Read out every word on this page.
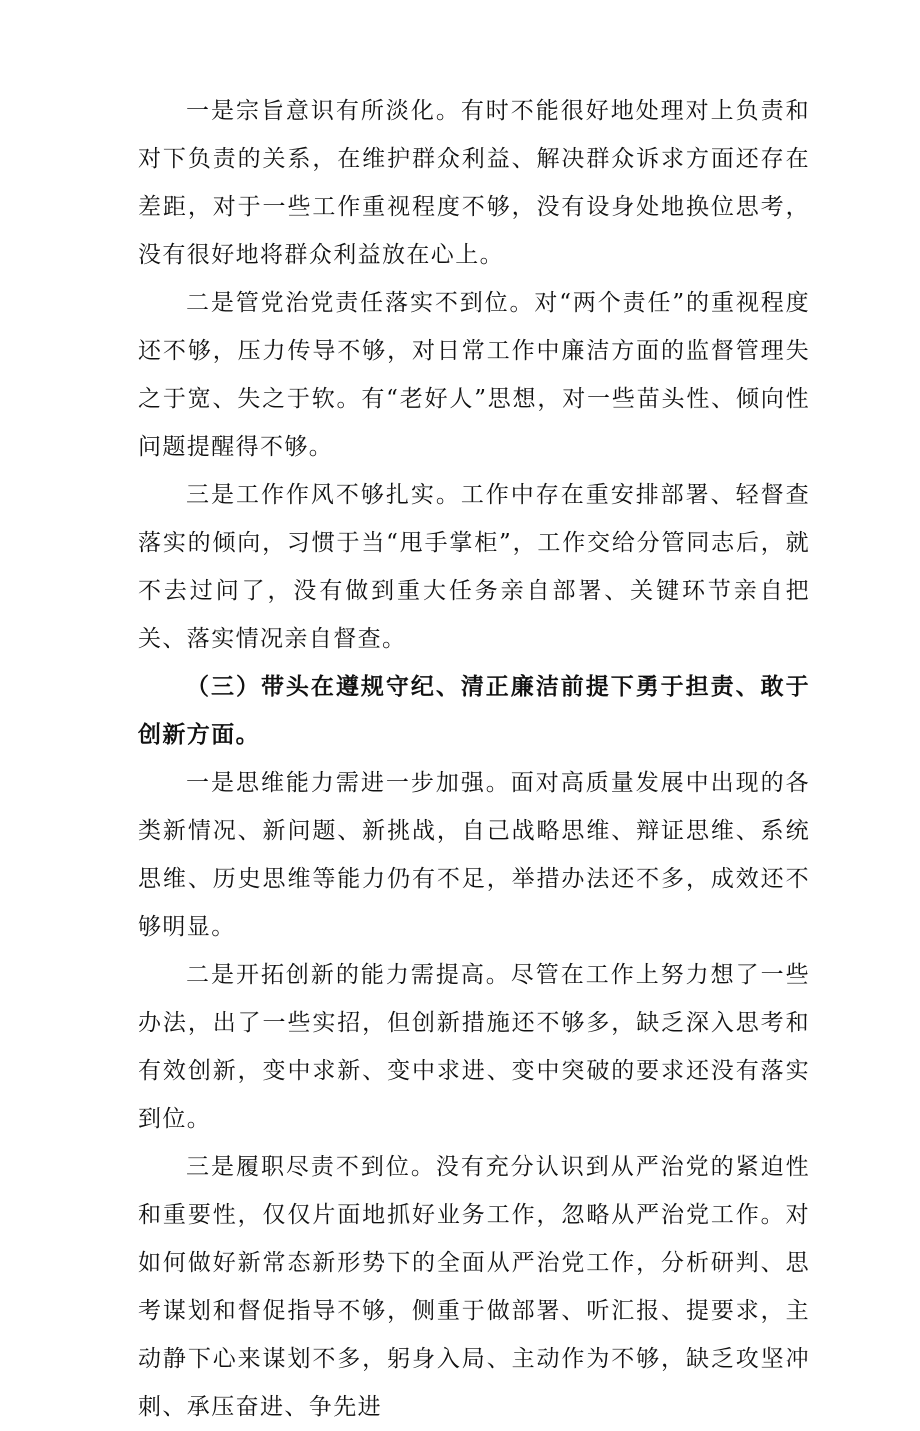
一是宗旨意识有所淡化。有时不能很好地处理对上负责和对下负责的关系，在维护群众利益、解决群众诉求方面还存在差距，对于一些工作重视程度不够，没有设身处地换位思考，没有很好地将群众利益放在心上。

二是管党治党责任落实不到位。对“两个责任”的重视程度还不够，压力传导不够，对日常工作中廉洁方面的监督管理失之于宽、失之于软。有“老好人”思想，对一些苗头性、倾向性问题提醒得不够。

三是工作作风不够扎实。工作中存在重安排部署、轻督查落实的倾向，习惯于当“甩手掌柜”，工作交给分管同志后，就不去过问了，没有做到重大任务亲自部署、关键环节亲自把关、落实情况亲自督查。

（三）带头在遵规守纪、清正廉洁前提下勇于担责、敢于创新方面。

一是思维能力需进一步加强。面对高质量发展中出现的各类新情况、新问题、新挑战，自己战略思维、辩证思维、系统思维、历史思维等能力仍有不足，举措办法还不多，成效还不够明显。

二是开拓创新的能力需提高。尽管在工作上努力想了一些办法，出了一些实招，但创新措施还不够多，缺乏深入思考和有效创新，变中求新、变中求进、变中突破的要求还没有落实到位。

三是履职尽责不到位。没有充分认识到从严治党的紧迫性和重要性，仅仅片面地抓好业务工作，忽略从严治党工作。对如何做好新常态新形势下的全面从严治党工作，分析研判、思考谋划和督促指导不够，侧重于做部署、听汇报、提要求，主动静下心来谋划不多，躬身入局、主动作为不够，缺乏攻坚冲刺、承压奋进、争先进
